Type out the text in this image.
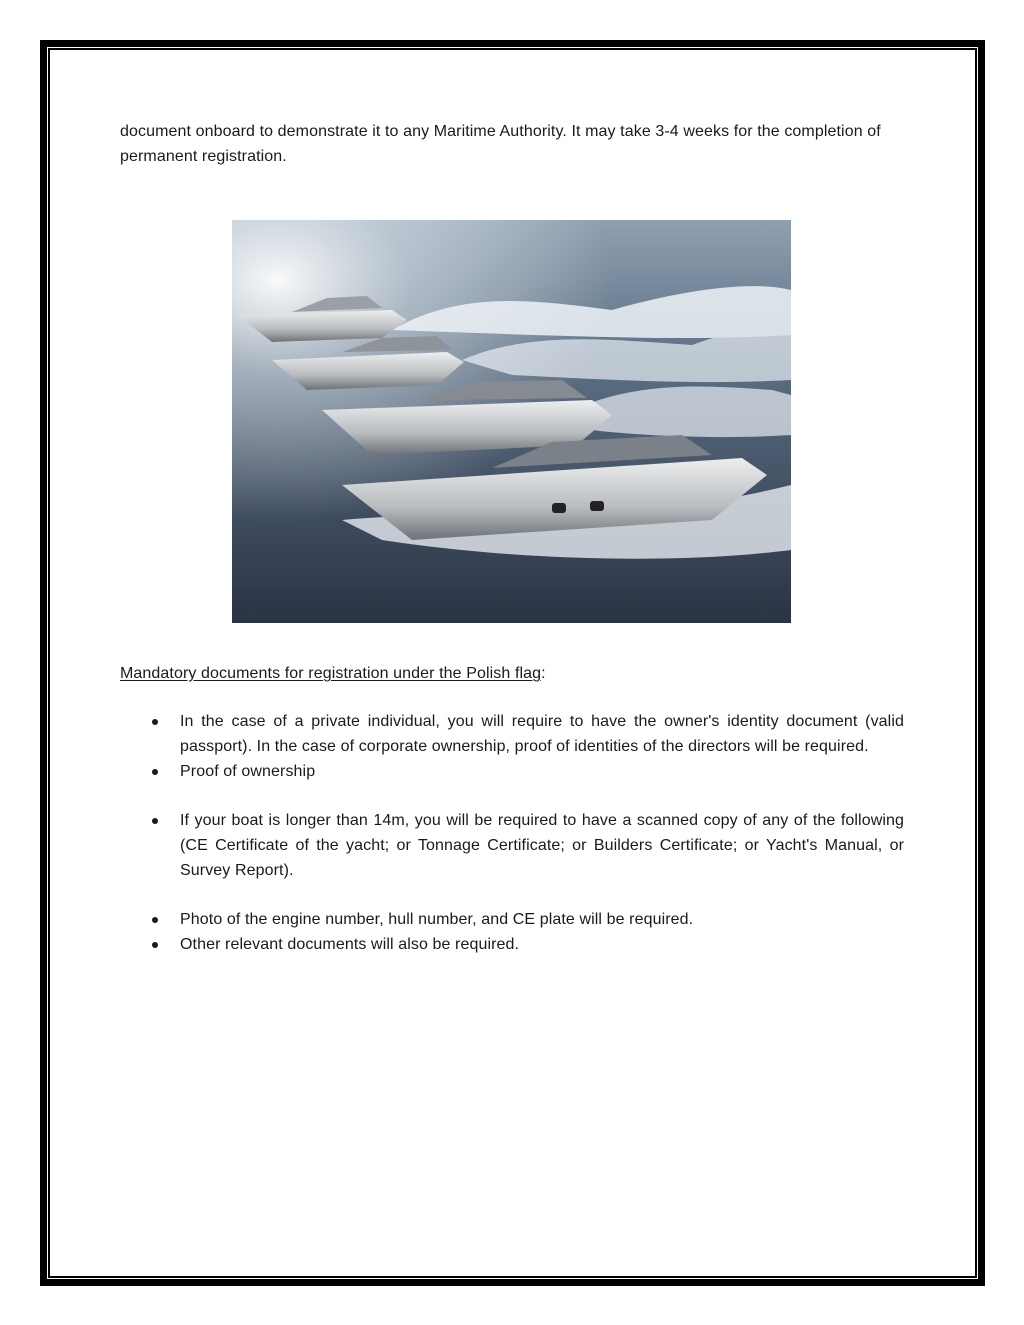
document onboard to demonstrate it to any Maritime Authority. It may take 3-4 weeks for the completion of permanent registration.

Mandatory documents for registration under the Polish flag:

In the case of a private individual, you will require to have the owner's identity document (valid passport). In the case of corporate ownership, proof of identities of the directors will be required.
Proof of ownership
If your boat is longer than 14m, you will be required to have a scanned copy of any of the following (CE Certificate of the yacht; or Tonnage Certificate; or Builders Certificate; or Yacht's Manual, or Survey Report).
Photo of the engine number, hull number, and CE plate will be required.
Other relevant documents will also be required.
